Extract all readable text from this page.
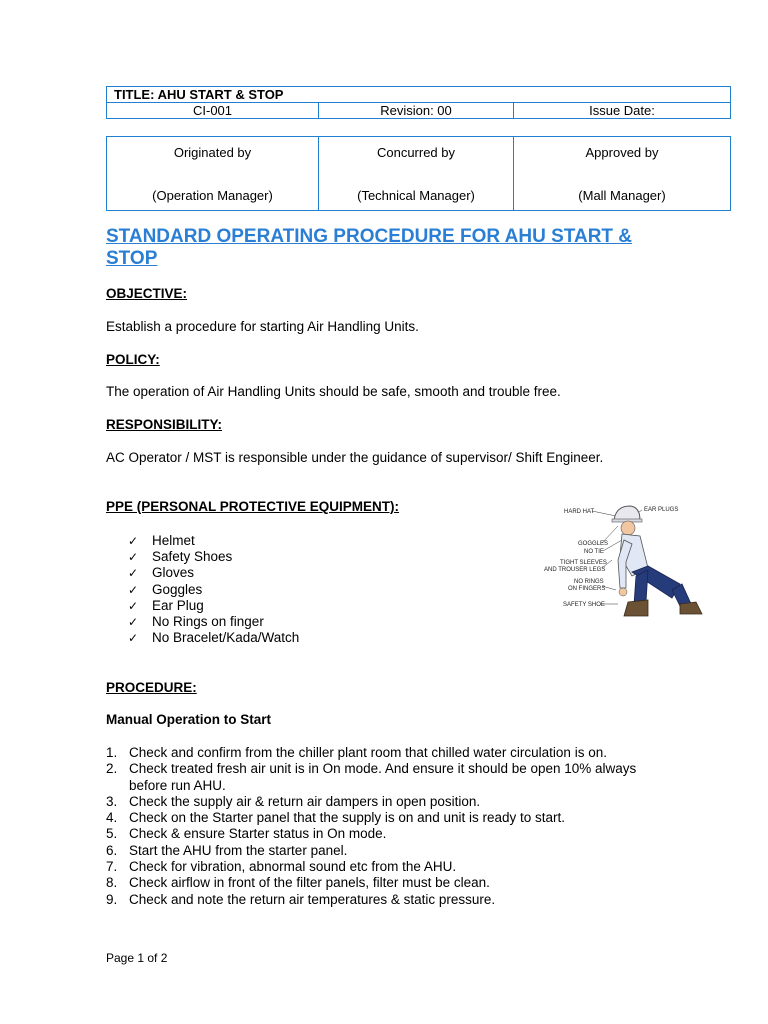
TITLE: AHU START & STOP
CI-001	Revision: 00	Issue Date:
Originated by
(Operation Manager)

Concurred by
(Technical Manager)

Approved by
(Mall Manager)
STANDARD OPERATING PROCEDURE FOR AHU START & STOP
OBJECTIVE:
Establish a procedure for starting Air Handling Units.
POLICY:
The operation of Air Handling Units should be safe, smooth and trouble free.
RESPONSIBILITY:
AC Operator / MST is responsible under the guidance of supervisor/ Shift Engineer.
PPE (PERSONAL PROTECTIVE EQUIPMENT):
✓ Helmet
✓ Safety Shoes
✓ Gloves
✓ Goggles
✓ Ear Plug
✓ No Rings on finger
✓ No Bracelet/Kada/Watch
HARD HAT	EAR PLUGS
GOGGLES
NO TIE
TIGHT SLEEVES
AND TROUSER LEGS
NO RINGS
ON FINGERS
SAFETY SHOE
PROCEDURE:
Manual Operation to Start
1. Check and confirm from the chiller plant room that chilled water circulation is on.
2. Check treated fresh air unit is in On mode. And ensure it should be open 10% always before run AHU.
3. Check the supply air & return air dampers in open position.
4. Check on the Starter panel that the supply is on and unit is ready to start.
5. Check & ensure Starter status in On mode.
6. Start the AHU from the starter panel.
7. Check for vibration, abnormal sound etc from the AHU.
8. Check airflow in front of the filter panels, filter must be clean.
9. Check and note the return air temperatures & static pressure.
Page 1 of 2
